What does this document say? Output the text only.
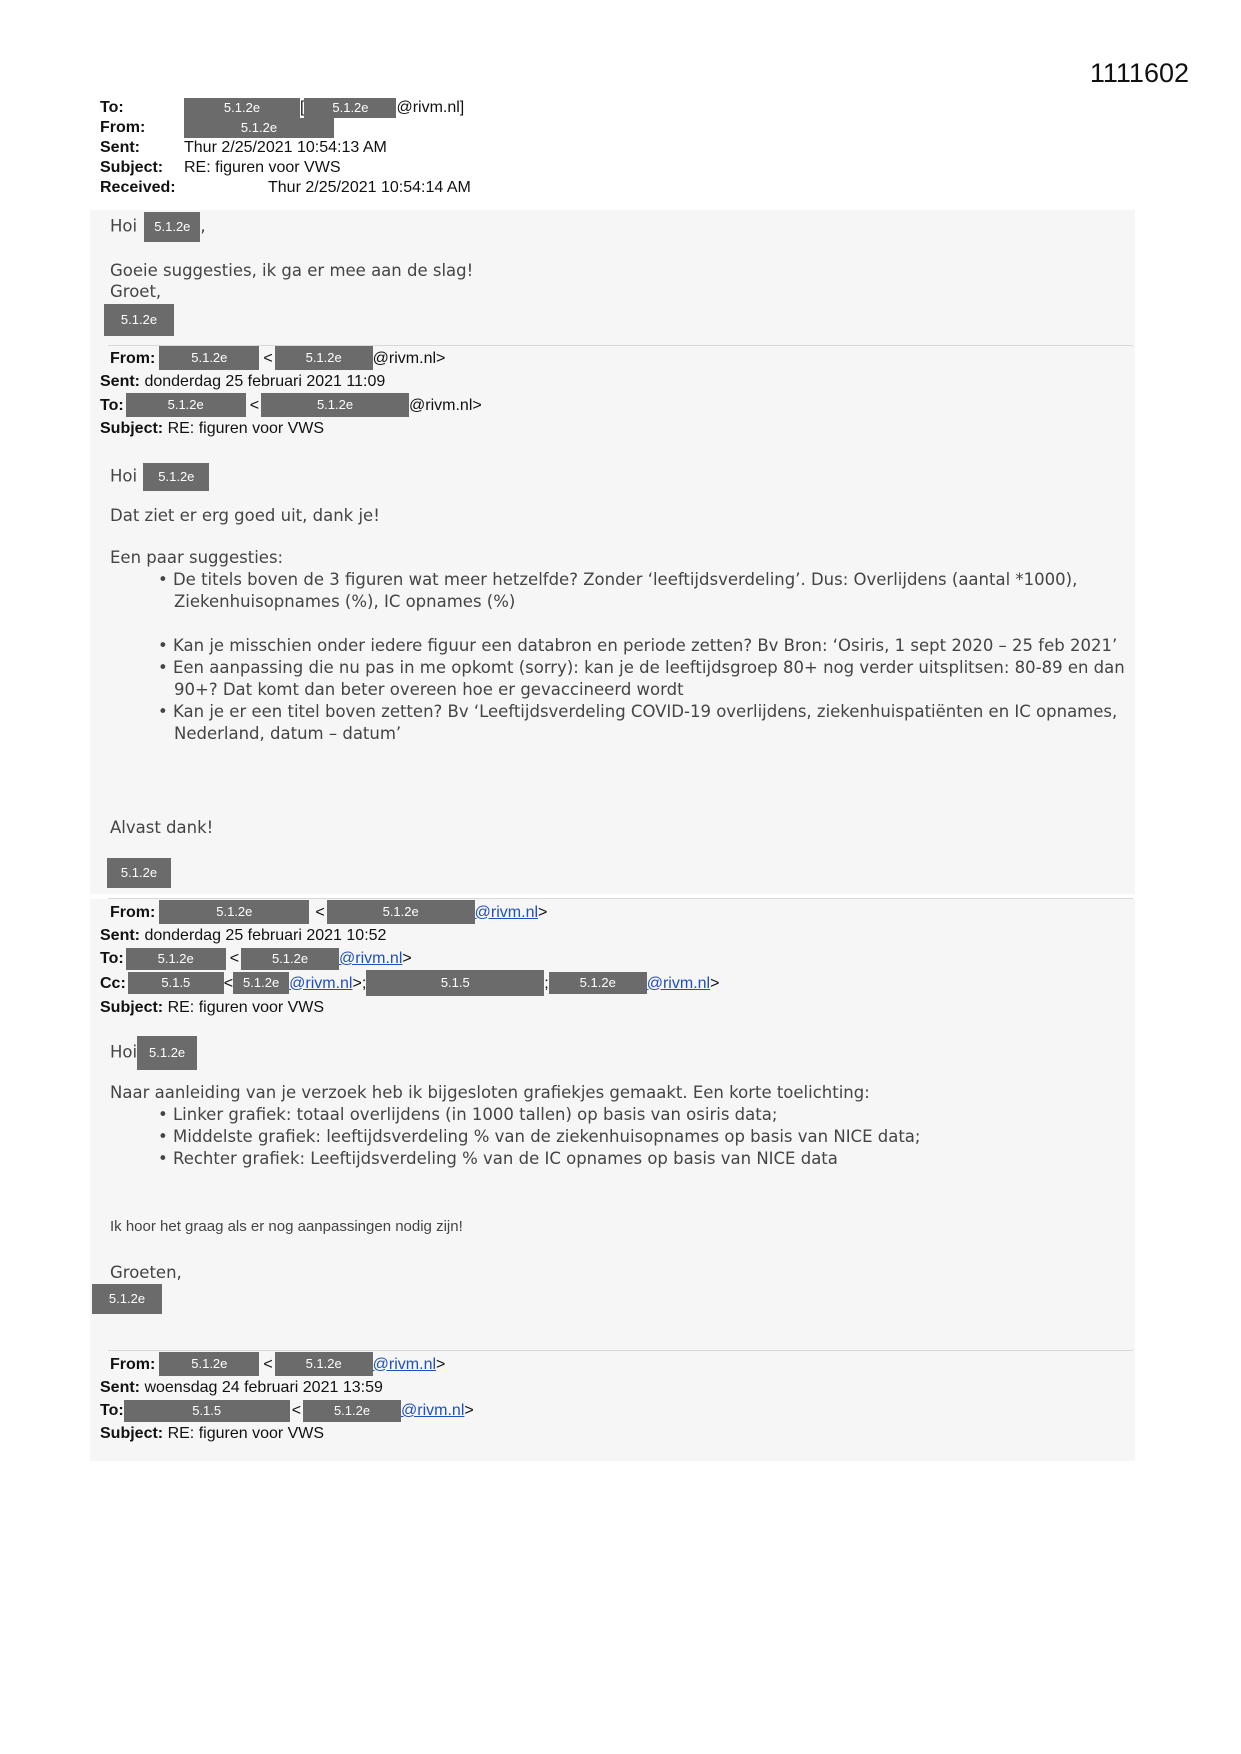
1111602
To:	5.1.2e	[	5.1.2e	@rivm.nl]
From:	5.1.2e
Sent:	Thur 2/25/2021 10:54:13 AM
Subject:	RE: figuren voor VWS
Received:	Thur 2/25/2021 10:54:14 AM
Hoi 5.1.2e ,
Goeie suggesties, ik ga er mee aan de slag!
Groet,
5.1.2e
From:	5.1.2e	<	5.1.2e	@rivm.nl>
Sent:
donderdag 25 februari 2021 11:09
To:	5.1.2e	<	5.1.2e	@rivm.nl>
Subject:
RE: figuren voor VWS
Hoi 5.1.2e
Dat ziet er erg goed uit, dank je!
Een paar suggesties:
• De titels boven de 3 figuren wat meer hetzelfde? Zonder ‘leeftijdsverdeling’. Dus: Overlijdens (aantal *1000), Ziekenhuisopnames (%), IC opnames (%)
• Kan je misschien onder iedere figuur een databron en periode zetten? Bv Bron: ‘Osiris, 1 sept 2020 – 25 feb 2021’
• Een aanpassing die nu pas in me opkomt (sorry): kan je de leeftijdsgroep 80+ nog verder uitsplitsen: 80-89 en dan 90+? Dat komt dan beter overeen hoe er gevaccineerd wordt
• Kan je er een titel boven zetten? Bv ‘Leeftijdsverdeling COVID-19 overlijdens, ziekenhuispatiënten en IC opnames, Nederland, datum – datum’
Alvast dank!
5.1.2e
From:	5.1.2e	<	5.1.2e	@rivm.nl >
Sent:
donderdag 25 februari 2021 10:52
To:	5.1.2e	<	5.1.2e	@rivm.nl >
Cc:	5.1.5	< 5.1.2e @rivm.nl >;	5.1.5	;	5.1.2e	@rivm.nl >
Subject:
RE: figuren voor VWS
Hoi 5.1.2e
Naar aanleiding van je verzoek heb ik bijgesloten grafiekjes gemaakt. Een korte toelichting:
• Linker grafiek: totaal overlijdens (in 1000 tallen) op basis van osiris data;
• Middelste grafiek: leeftijdsverdeling % van de ziekenhuisopnames op basis van NICE data;
• Rechter grafiek: Leeftijdsverdeling % van de IC opnames op basis van NICE data
Ik hoor het graag als er nog aanpassingen nodig zijn!
Groeten,
5.1.2e
From:	5.1.2e	<	5.1.2e	@rivm.nl >
Sent:
woensdag 24 februari 2021 13:59
To:	5.1.5	<	5.1.2e	@rivm.nl >
Subject:
RE: figuren voor VWS
